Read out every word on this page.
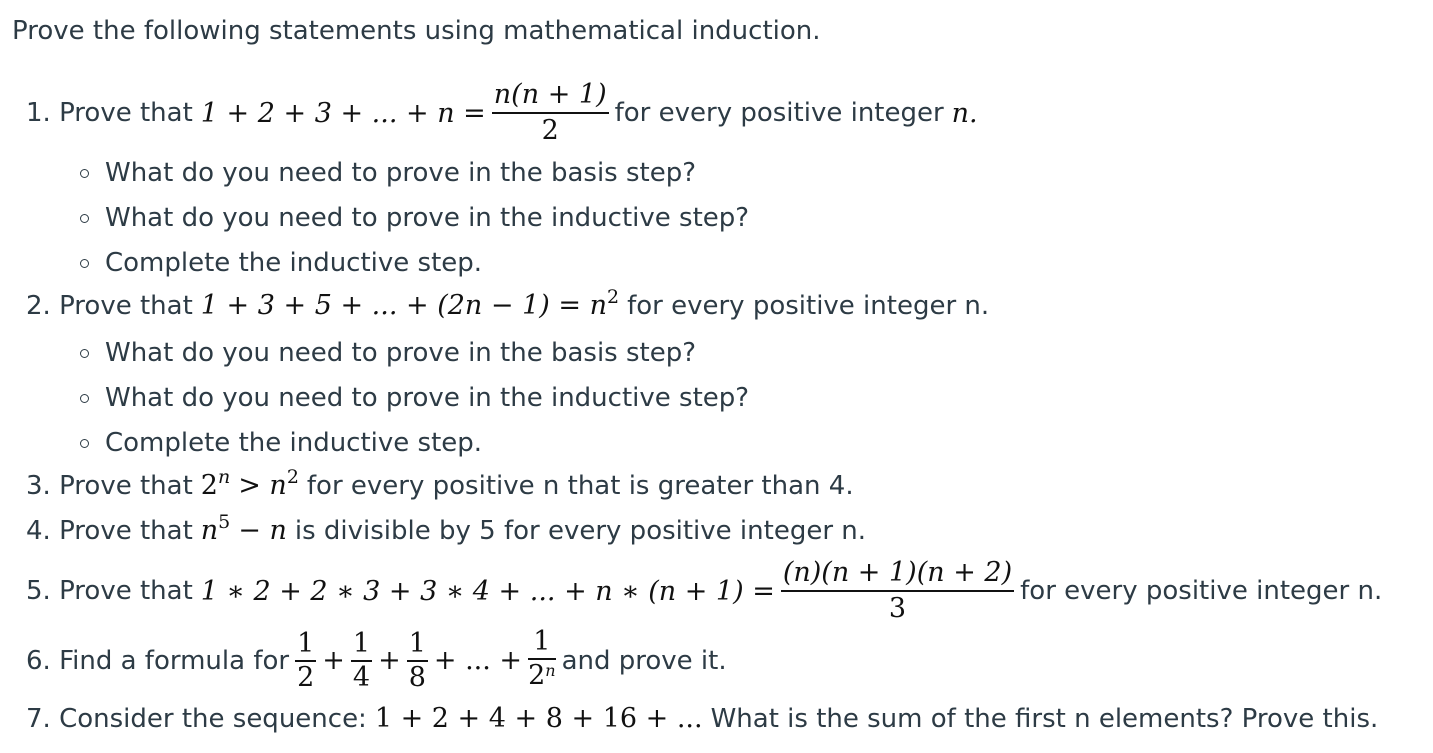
Prove the following statements using mathematical induction.
1. Prove that 1 + 2 + 3 + ... + $n = \frac{n(n + 1)}{2}$ for every positive integer n.
What do you need to prove in the basis step?
What do you need to prove in the inductive step?
Complete the inductive step.
2. Prove that 1 + 3 + 5 + ... + $(2n - 1) = n^2$ for every positive integer n.
What do you need to prove in the basis step?
What do you need to prove in the inductive step?
Complete the inductive step.
3. Prove that $2^n > n^2$ for every positive n that is greater than 4.
4. Prove that $n^5 - n$ is divisible by 5 for every positive integer n.
5. Prove that 1 ∗ 2 + 2 ∗ 3 + 3 ∗ 4 + ... + n ∗ $(n + 1) = \frac{(n)(n + 1)(n + 2)}{3}$ for every positive integer n.
6. Find a formula for $\frac{1}{2} + \frac{1}{4} + \frac{1}{8}$ + ... + $\frac{1}{2^n}$ and prove it.
7. Consider the sequence: 1 + 2 + 4 + 8 + 16 + ... What is the sum of the first n elements? Prove this.
